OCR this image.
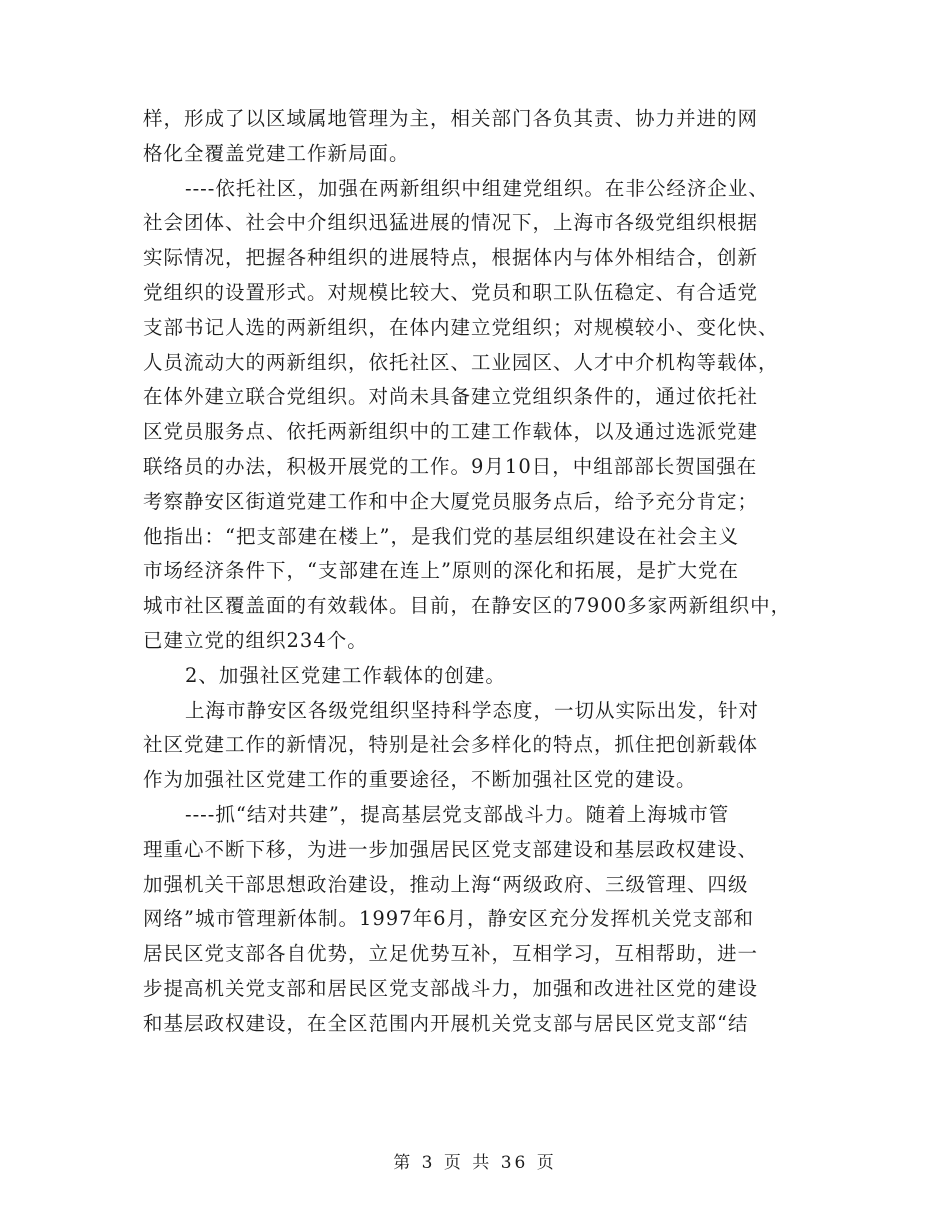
样，形成了以区域属地管理为主，相关部门各负其责、协力并进的网
格化全覆盖党建工作新局面。
----依托社区，加强在两新组织中组建党组织。在非公经济企业、
社会团体、社会中介组织迅猛进展的情况下，上海市各级党组织根据
实际情况，把握各种组织的进展特点，根据体内与体外相结合，创新
党组织的设置形式。对规模比较大、党员和职工队伍稳定、有合适党
支部书记人选的两新组织，在体内建立党组织；对规模较小、变化快、
人员流动大的两新组织，依托社区、工业园区、人才中介机构等载体，
在体外建立联合党组织。对尚未具备建立党组织条件的，通过依托社
区党员服务点、依托两新组织中的工建工作载体，以及通过选派党建
联络员的办法，积极开展党的工作。9月10日，中组部部长贺国强在
考察静安区街道党建工作和中企大厦党员服务点后，给予充分肯定；
他指出：“把支部建在楼上”，是我们党的基层组织建设在社会主义
市场经济条件下，“支部建在连上”原则的深化和拓展，是扩大党在
城市社区覆盖面的有效载体。目前，在静安区的7900多家两新组织中，
已建立党的组织234个。
2、加强社区党建工作载体的创建。
上海市静安区各级党组织坚持科学态度，一切从实际出发，针对
社区党建工作的新情况，特别是社会多样化的特点，抓住把创新载体
作为加强社区党建工作的重要途径，不断加强社区党的建设。
----抓“结对共建”，提高基层党支部战斗力。随着上海城市管
理重心不断下移，为进一步加强居民区党支部建设和基层政权建设、
加强机关干部思想政治建设，推动上海“两级政府、三级管理、四级
网络”城市管理新体制。1997年6月，静安区充分发挥机关党支部和
居民区党支部各自优势，立足优势互补，互相学习，互相帮助，进一
步提高机关党支部和居民区党支部战斗力，加强和改进社区党的建设
和基层政权建设，在全区范围内开展机关党支部与居民区党支部“结
第 3 页 共 36 页
